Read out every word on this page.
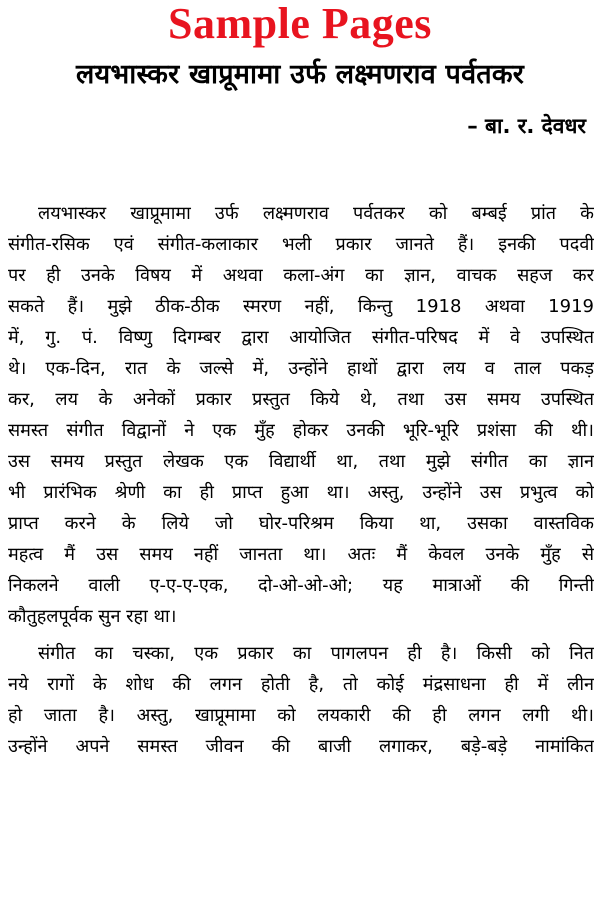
Sample Pages
लयभास्कर खाप्रूमामा उर्फ लक्ष्मणराव पर्वतकर
– बा. र. देवधर
लयभास्कर खाप्रूमामा उर्फ लक्ष्मणराव पर्वतकर को बम्बई प्रांत के
संगीत-रसिक एवं संगीत-कलाकार भली प्रकार जानते हैं। इनकी पदवी
पर ही उनके विषय में अथवा कला-अंग का ज्ञान, वाचक सहज कर
सकते हैं। मुझे ठीक-ठीक स्मरण नहीं, किन्तु 1918 अथवा 1919
में, गु. पं. विष्णु दिगम्बर द्वारा आयोजित संगीत-परिषद में वे उपस्थित
थे। एक-दिन, रात के जल्से में, उन्होंने हाथों द्वारा लय व ताल पकड़
कर, लय के अनेकों प्रकार प्रस्तुत किये थे, तथा उस समय उपस्थित
समस्त संगीत विद्वानों ने एक मुँह होकर उनकी भूरि-भूरि प्रशंसा की थी।
उस समय प्रस्तुत लेखक एक विद्यार्थी था, तथा मुझे संगीत का ज्ञान
भी प्रारंभिक श्रेणी का ही प्राप्त हुआ था। अस्तु, उन्होंने उस प्रभुत्व को
प्राप्त करने के लिये जो घोर-परिश्रम किया था, उसका वास्तविक
महत्व मैं उस समय नहीं जानता था। अतः मैं केवल उनके मुँह से
निकलने वाली ए-ए-ए-एक, दो-ओ-ओ-ओ; यह मात्राओं की गिन्ती
कौतुहलपूर्वक सुन रहा था।
संगीत का चस्का, एक प्रकार का पागलपन ही है। किसी को नित
नये रागों के शोध की लगन होती है, तो कोई मंद्रसाधना ही में लीन
हो जाता है। अस्तु, खाप्रूमामा को लयकारी की ही लगन लगी थी।
उन्होंने अपने समस्त जीवन की बाजी लगाकर, बड़े-बड़े नामांकित
